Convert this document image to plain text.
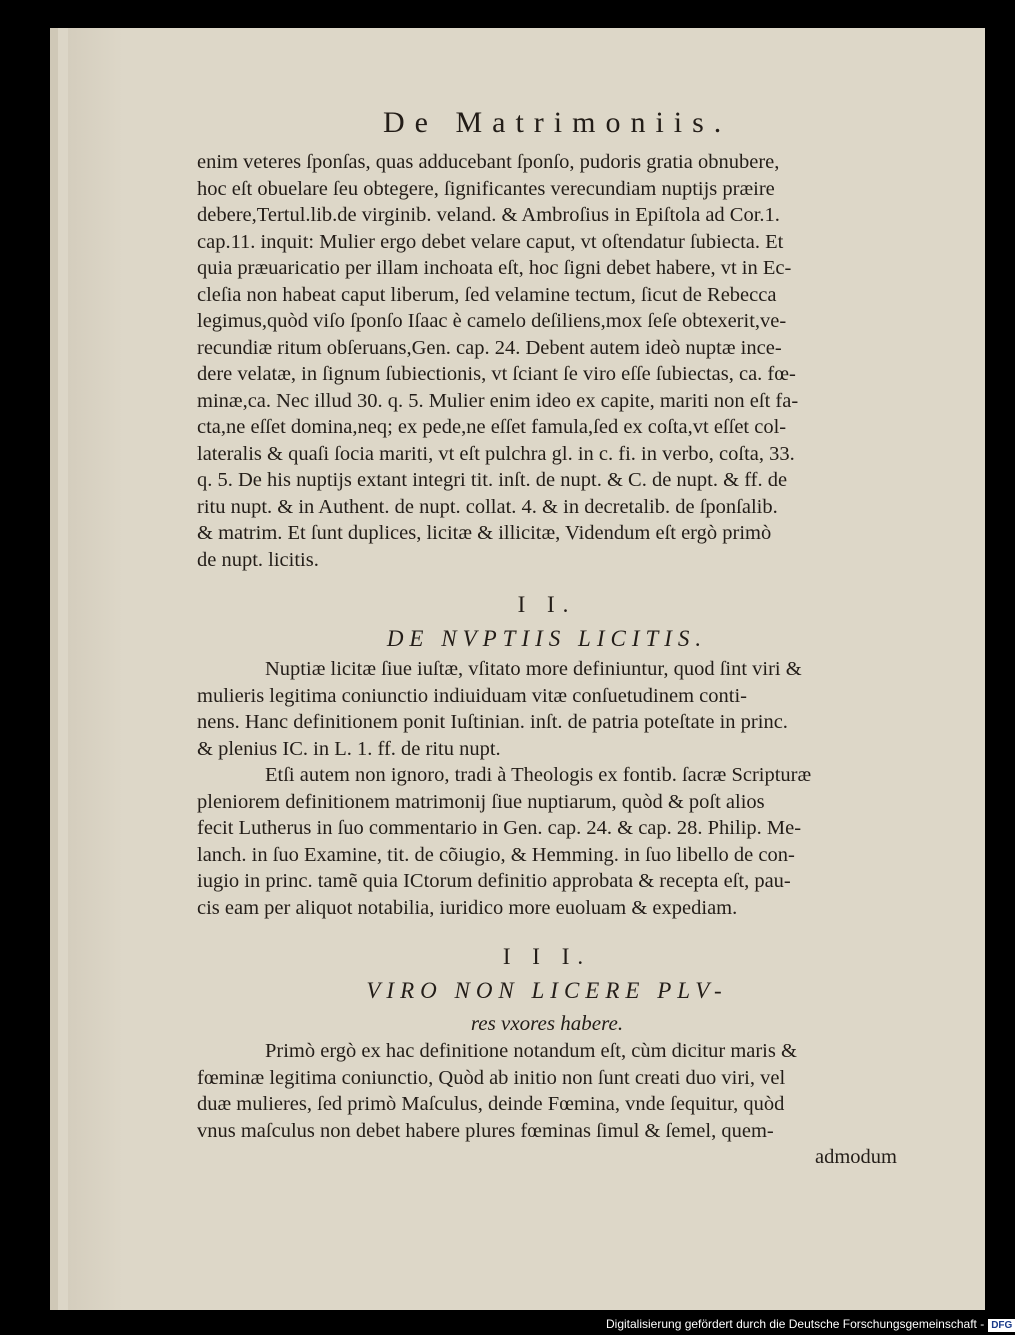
De Matrimoniis.
enim veteres ſponſas, quas adducebant ſponſo, pudoris gratia obnubere,
hoc eſt obuelare ſeu obtegere, ſignificantes verecundiam nuptijs præire
debere,Tertul.lib.de virginib. veland. & Ambroſius in Epiſtola ad Cor.1.
cap.11. inquit: Mulier ergo debet velare caput, vt oſtendatur ſubiecta. Et
quia præuaricatio per illam inchoata eſt, hoc ſigni debet habere, vt in Ec-
cleſia non habeat caput liberum, ſed velamine tectum, ſicut de Rebecca
legimus,quòd viſo ſponſo Iſaac è camelo deſiliens,mox ſeſe obtexerit,ve-
recundiæ ritum obſeruans,Gen. cap. 24. Debent autem ideò nuptæ ince-
dere velatæ, in ſignum ſubiectionis, vt ſciant ſe viro eſſe ſubiectas, ca. fœ-
minæ,ca. Nec illud 30. q. 5. Mulier enim ideo ex capite, mariti non eſt fa-
cta,ne eſſet domina,neq; ex pede,ne eſſet famula,ſed ex coſta,vt eſſet col-
lateralis & quaſi ſocia mariti, vt eſt pulchra gl. in c. fi. in verbo, coſta, 33.
q. 5. De his nuptijs extant integri tit. inſt. de nupt. & C. de nupt. & ff. de
ritu nupt. & in Authent. de nupt. collat. 4. & in decretalib. de ſponſalib.
& matrim. Et ſunt duplices, licitæ & illicitæ, Videndum eſt ergò primò
de nupt. licitis.
I I.
DE NVPTIIS LICITIS.
Nuptiæ licitæ ſiue iuſtæ, vſitato more definiuntur, quod ſint viri &
mulieris legitima coniunctio indiuiduam vitæ conſuetudinem conti-
nens. Hanc definitionem ponit Iuſtinian. inſt. de patria poteſtate in princ.
& plenius IC. in L. 1. ff. de ritu nupt.
Etſi autem non ignoro, tradi à Theologis ex fontib. ſacræ Scripturæ
pleniorem definitionem matrimonij ſiue nuptiarum, quòd & poſt alios
fecit Lutherus in ſuo commentario in Gen. cap. 24. & cap. 28. Philip. Me-
lanch. in ſuo Examine, tit. de cõiugio, & Hemming. in ſuo libello de con-
iugio in princ. tamẽ quia ICtorum definitio approbata & recepta eſt, pau-
cis eam per aliquot notabilia, iuridico more euoluam & expediam.
I I I.
VIRO NON LICERE PLV-
res vxores habere.
Primò ergò ex hac definitione notandum eſt, cùm dicitur maris &
fœminæ legitima coniunctio, Quòd ab initio non ſunt creati duo viri, vel
duæ mulieres, ſed primò Maſculus, deinde Fœmina, vnde ſequitur, quòd
vnus maſculus non debet habere plures fœminas ſimul & ſemel, quem-
admodum
Digitalisierung gefördert durch die Deutsche Forschungsgemeinschaft - DFG
